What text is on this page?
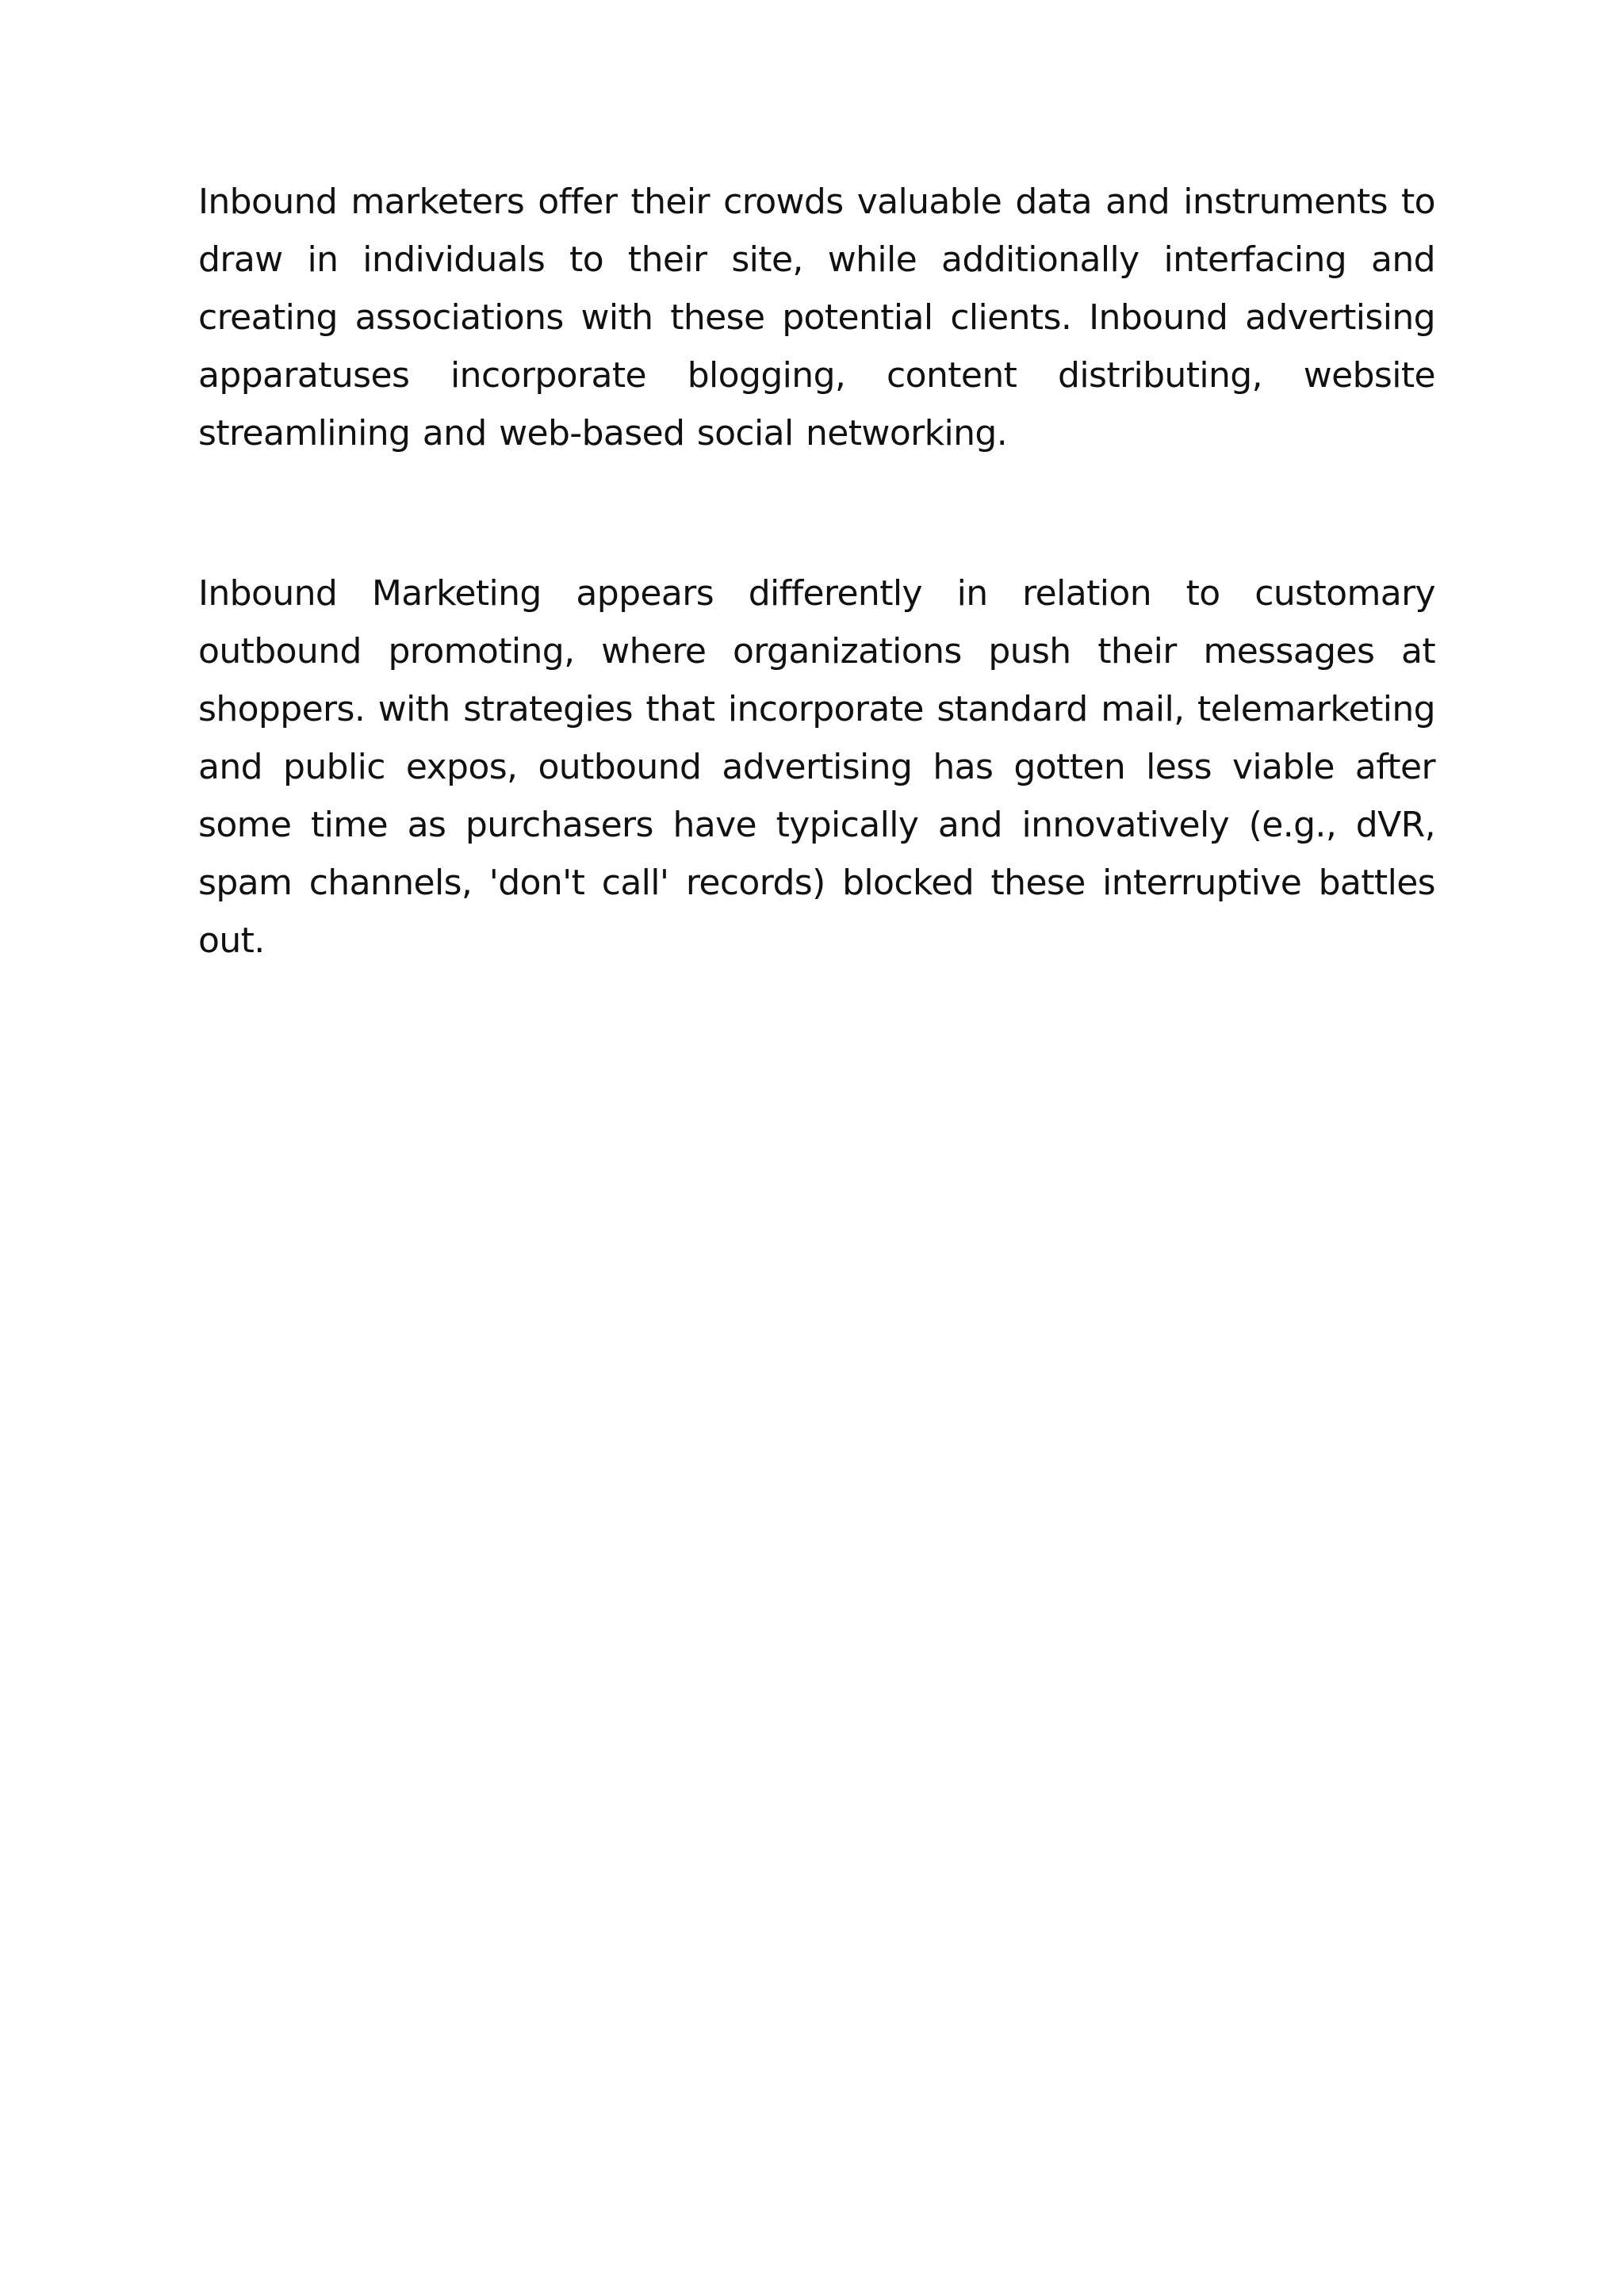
Inbound marketers offer their crowds valuable data and instruments to draw in individuals to their site, while additionally interfacing and creating associations with these potential clients. Inbound advertising apparatuses incorporate blogging, content distributing, website streamlining and web-based social networking.

Inbound Marketing appears differently in relation to customary outbound promoting, where organizations push their messages at shoppers. with strategies that incorporate standard mail, telemarketing and public expos, outbound advertising has gotten less viable after some time as purchasers have typically and innovatively (e.g., dVR, spam channels, 'don't call' records) blocked these interruptive battles out.
